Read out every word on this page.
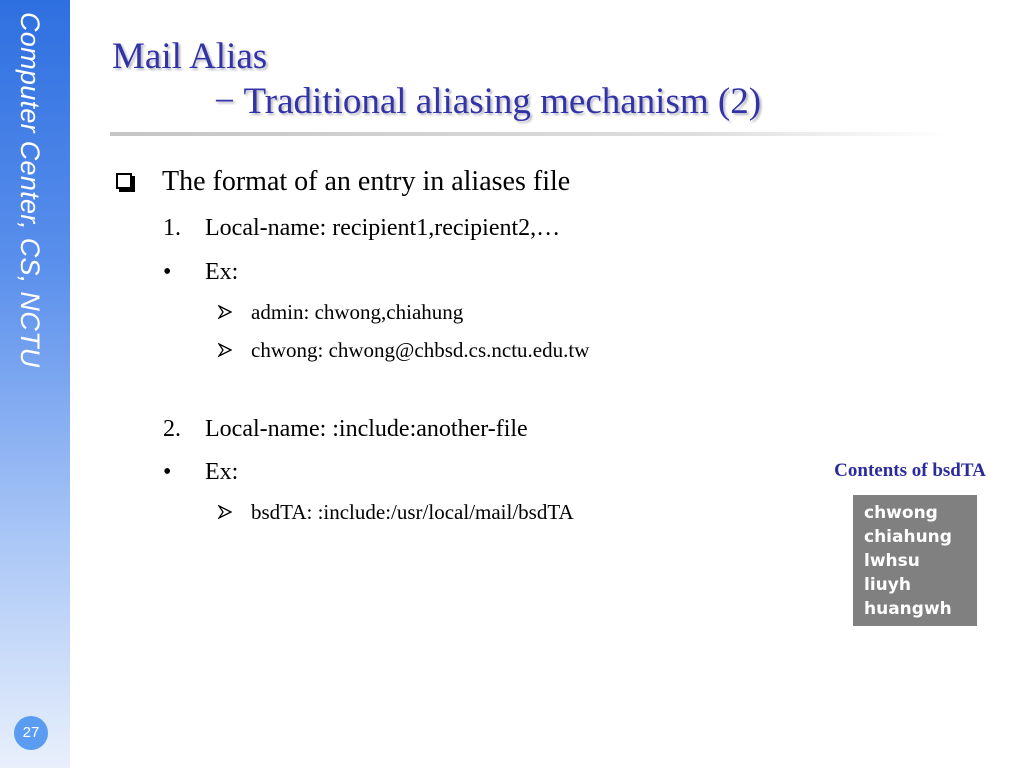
Computer Center, CS, NCTU
27
Mail Alias
− Traditional aliasing mechanism (2)
The format of an entry in aliases file
1. Local-name: recipient1,recipient2,…
• Ex:
admin: chwong,chiahung
chwong: chwong@chbsd.cs.nctu.edu.tw
2. Local-name: :include:another-file
• Ex:
bsdTA: :include:/usr/local/mail/bsdTA
Contents of bsdTA
chwong
chiahung
lwhsu
liuyh
huangwh
